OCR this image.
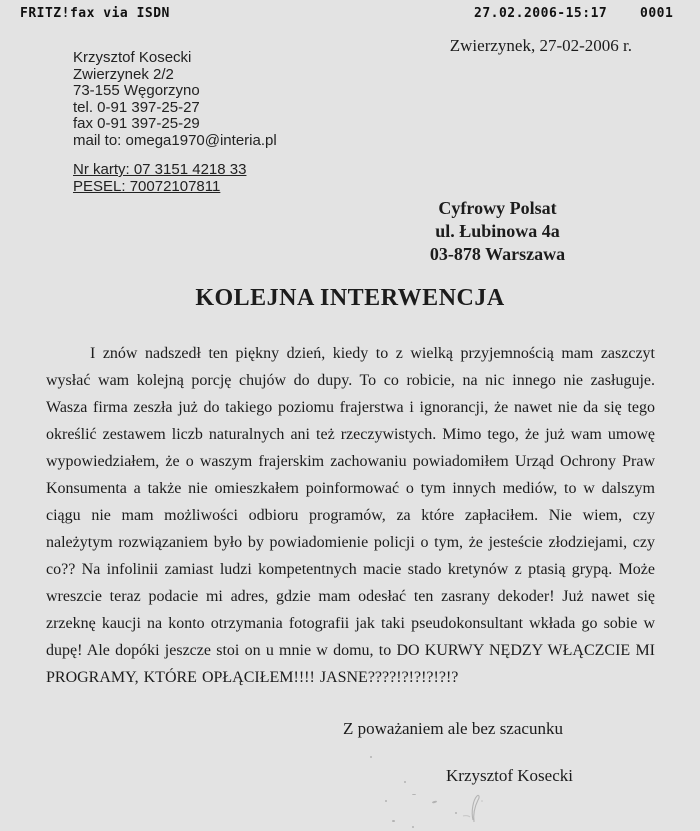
FRITZ!fax via ISDN	27.02.2006-15:17	0001
Zwierzynek, 27-02-2006 r.
Krzysztof Kosecki
Zwierzynek 2/2
73-155 Węgorzyno
tel. 0-91 397-25-27
fax 0-91 397-25-29
mail to: omega1970@interia.pl
Nr karty: 07 3151 4218 33
PESEL: 70072107811
Cyfrowy Polsat
ul. Łubinowa 4a
03-878 Warszawa
KOLEJNA INTERWENCJA
I znów nadszedł ten piękny dzień, kiedy to z wielką przyjemnością mam zaszczyt wysłać wam kolejną porcję chujów do dupy. To co robicie, na nic innego nie zasługuje. Wasza firma zeszła już do takiego poziomu frajerstwa i ignorancji, że nawet nie da się tego określić zestawem liczb naturalnych ani też rzeczywistych. Mimo tego, że już wam umowę wypowiedziałem, że o waszym frajerskim zachowaniu powiadomiłem Urząd Ochrony Praw Konsumenta a także nie omieszkałem poinformować o tym innych mediów, to w dalszym ciągu nie mam możliwości odbioru programów, za które zapłaciłem. Nie wiem, czy należytym rozwiązaniem było by powiadomienie policji o tym, że jesteście złodziejami, czy co?? Na infolinii zamiast ludzi kompetentnych macie stado kretynów z ptasią grypą. Może wreszcie teraz podacie mi adres, gdzie mam odesłać ten zasrany dekoder! Już nawet się zrzeknę kaucji na konto otrzymania fotografii jak taki pseudokonsultant wkłada go sobie w dupę! Ale dopóki jeszcze stoi on u mnie w domu, to DO KURWY NĘDZY WŁĄCZCIE MI PROGRAMY, KTÓRE OPŁĄCIŁEM!!!! JASNE????!?!?!?!?!?
Z poważaniem ale bez szacunku
Krzysztof Kosecki
